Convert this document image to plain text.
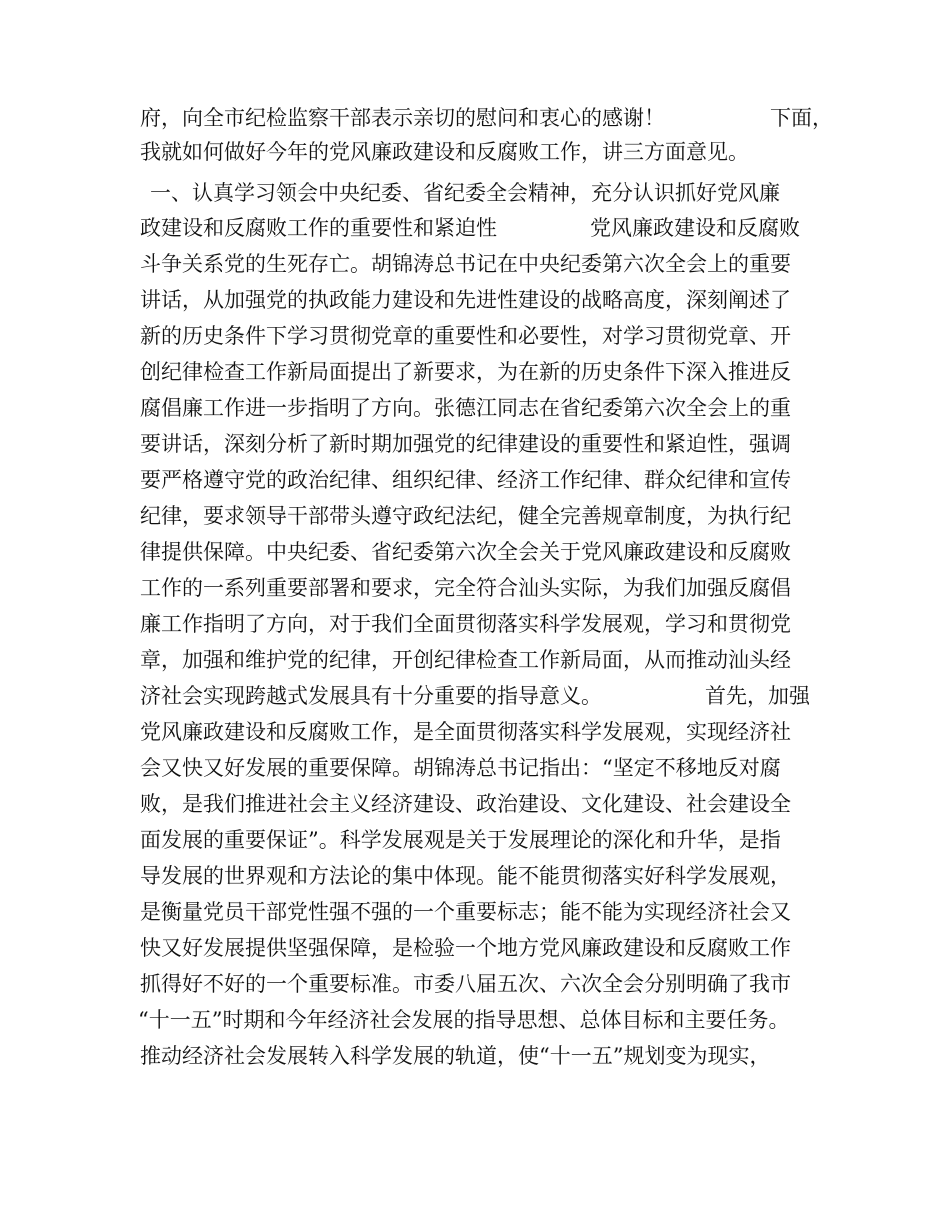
府，向全市纪检监察干部表示亲切的慰问和衷心的感谢！	下面，
我就如何做好今年的党风廉政建设和反腐败工作，讲三方面意见。
一、认真学习领会中央纪委、省纪委全会精神，充分认识抓好党风廉
政建设和反腐败工作的重要性和紧迫性	党风廉政建设和反腐败
斗争关系党的生死存亡。胡锦涛总书记在中央纪委第六次全会上的重要
讲话，从加强党的执政能力建设和先进性建设的战略高度，深刻阐述了
新的历史条件下学习贯彻党章的重要性和必要性，对学习贯彻党章、开
创纪律检查工作新局面提出了新要求，为在新的历史条件下深入推进反
腐倡廉工作进一步指明了方向。张德江同志在省纪委第六次全会上的重
要讲话，深刻分析了新时期加强党的纪律建设的重要性和紧迫性，强调
要严格遵守党的政治纪律、组织纪律、经济工作纪律、群众纪律和宣传
纪律，要求领导干部带头遵守政纪法纪，健全完善规章制度，为执行纪
律提供保障。中央纪委、省纪委第六次全会关于党风廉政建设和反腐败
工作的一系列重要部署和要求，完全符合汕头实际，为我们加强反腐倡
廉工作指明了方向，对于我们全面贯彻落实科学发展观，学习和贯彻党
章，加强和维护党的纪律，开创纪律检查工作新局面，从而推动汕头经
济社会实现跨越式发展具有十分重要的指导意义。	首先，加强
党风廉政建设和反腐败工作，是全面贯彻落实科学发展观，实现经济社
会又快又好发展的重要保障。胡锦涛总书记指出：“坚定不移地反对腐
败，是我们推进社会主义经济建设、政治建设、文化建设、社会建设全
面发展的重要保证”。科学发展观是关于发展理论的深化和升华，是指
导发展的世界观和方法论的集中体现。能不能贯彻落实好科学发展观，
是衡量党员干部党性强不强的一个重要标志；能不能为实现经济社会又
快又好发展提供坚强保障，是检验一个地方党风廉政建设和反腐败工作
抓得好不好的一个重要标准。市委八届五次、六次全会分别明确了我市
“十一五”时期和今年经济社会发展的指导思想、总体目标和主要任务。
推动经济社会发展转入科学发展的轨道，使“十一五”规划变为现实，
